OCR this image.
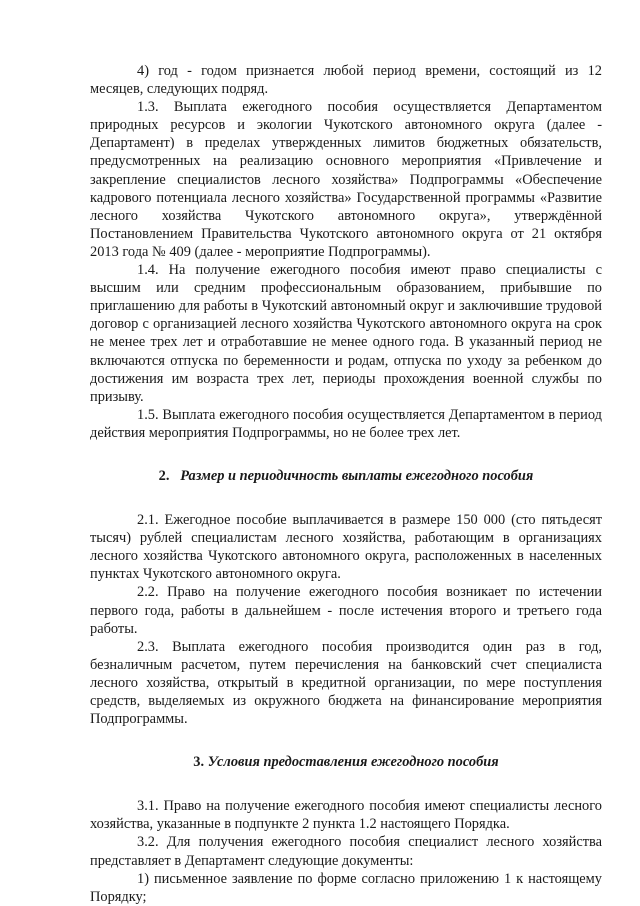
4) год - годом признается любой период времени, состоящий из 12 месяцев, следующих подряд.

1.3. Выплата ежегодного пособия осуществляется Департаментом природных ресурсов и экологии Чукотского автономного округа (далее - Департамент) в пределах утвержденных лимитов бюджетных обязательств, предусмотренных на реализацию основного мероприятия «Привлечение и закрепление специалистов лесного хозяйства» Подпрограммы «Обеспечение кадрового потенциала лесного хозяйства» Государственной программы «Развитие лесного хозяйства Чукотского автономного округа», утверждённой Постановлением Правительства Чукотского автономного округа от 21 октября 2013 года № 409 (далее - мероприятие Подпрограммы).

1.4. На получение ежегодного пособия имеют право специалисты с высшим или средним профессиональным образованием, прибывшие по приглашению для работы в Чукотский автономный округ и заключившие трудовой договор с организацией лесного хозяйства Чукотского автономного округа на срок не менее трех лет и отработавшие не менее одного года. В указанный период не включаются отпуска по беременности и родам, отпуска по уходу за ребенком до достижения им возраста трех лет, периоды прохождения военной службы по призыву.

1.5. Выплата ежегодного пособия осуществляется Департаментом в период действия мероприятия Подпрограммы, но не более трех лет.

2. Размер и периодичность выплаты ежегодного пособия

2.1. Ежегодное пособие выплачивается в размере 150 000 (сто пятьдесят тысяч) рублей специалистам лесного хозяйства, работающим в организациях лесного хозяйства Чукотского автономного округа, расположенных в населенных пунктах Чукотского автономного округа.

2.2. Право на получение ежегодного пособия возникает по истечении первого года, работы в дальнейшем - после истечения второго и третьего года работы.

2.3. Выплата ежегодного пособия производится один раз в год, безналичным расчетом, путем перечисления на банковский счет специалиста лесного хозяйства, открытый в кредитной организации, по мере поступления средств, выделяемых из окружного бюджета на финансирование мероприятия Подпрограммы.

3. Условия предоставления ежегодного пособия

3.1. Право на получение ежегодного пособия имеют специалисты лесного хозяйства, указанные в подпункте 2 пункта 1.2 настоящего Порядка.

3.2. Для получения ежегодного пособия специалист лесного хозяйства представляет в Департамент следующие документы:

1) письменное заявление по форме согласно приложению 1 к настоящему Порядку;
